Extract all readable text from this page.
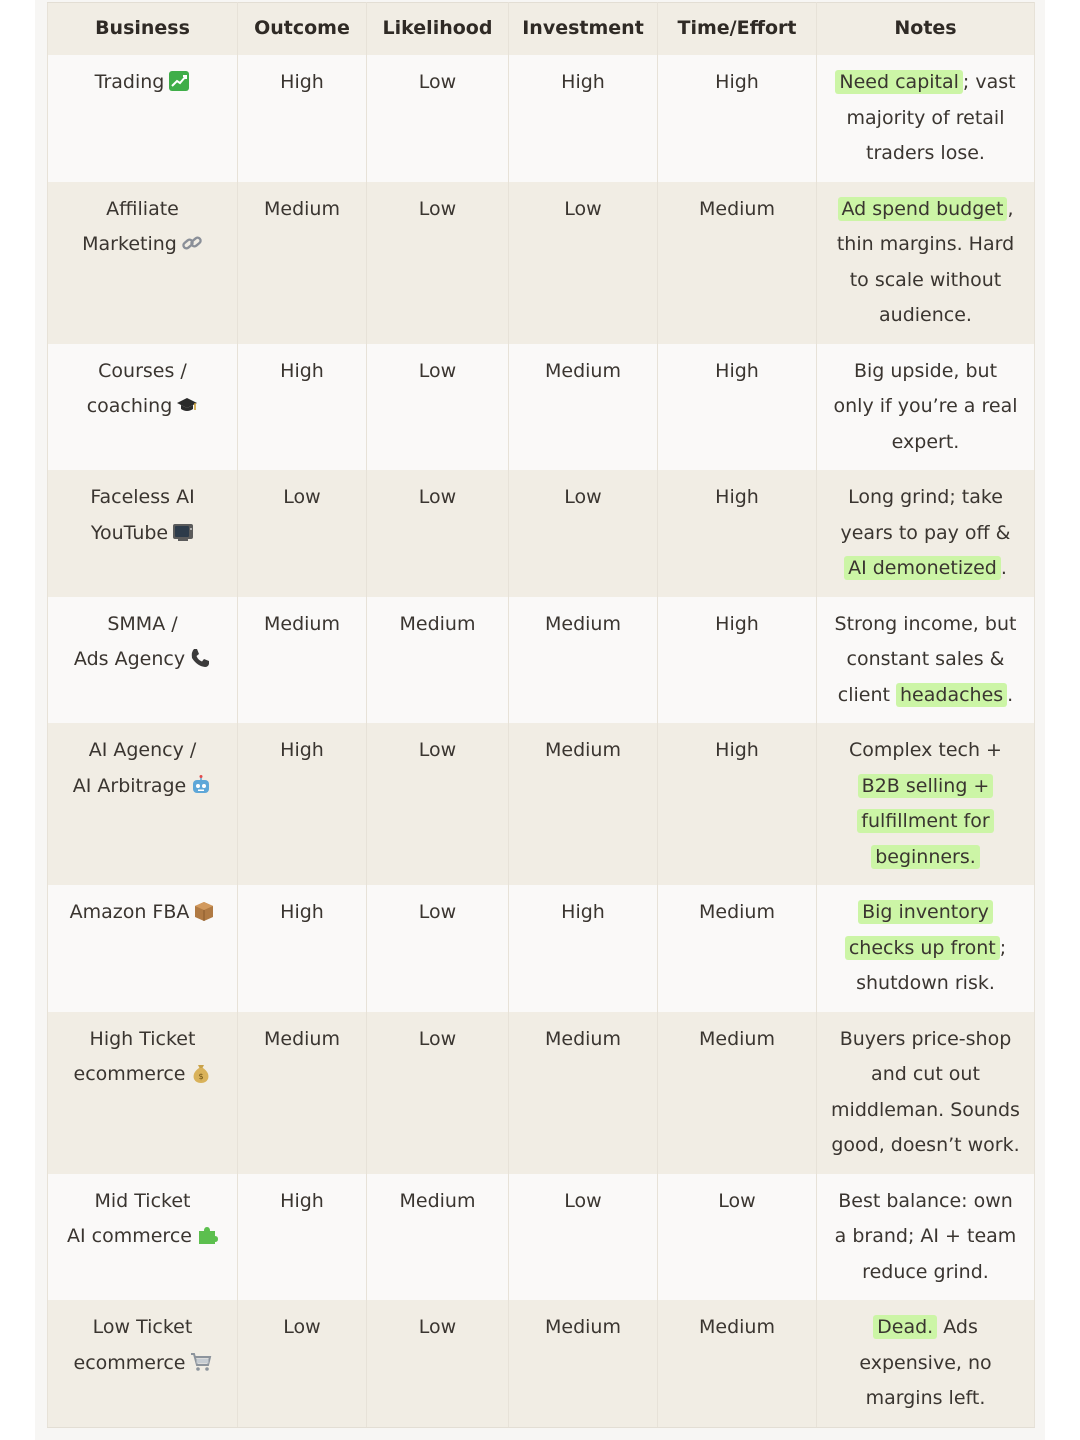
Business	Outcome	Likelihood	Investment	Time/Effort	Notes
Trading	High	Low	High	High	Need capital ; vast majority of retail traders lose.
Affiliate
Marketing	Medium	Low	Low	Medium	Ad spend budget , thin margins. Hard to scale without audience.
Courses /
coaching	High	Low	Medium	High	Big upside, but only if you’re a real expert.
Faceless AI
YouTube	Low	Low	Low	High	Long grind; take years to pay off & AI demonetized .
SMMA /
Ads Agency	Medium	Medium	Medium	High	Strong income, but constant sales & client headaches .
AI Agency /
AI Arbitrage	High	Low	Medium	High	Complex tech + B2B selling + fulfillment for beginners.
Amazon FBA	High	Low	High	Medium	Big inventory checks up front ; shutdown risk.
High Ticket
ecommerce $	Medium	Low	Medium	Medium	Buyers price-shop and cut out middleman. Sounds good, doesn’t work.
Mid Ticket
AI commerce	High	Medium	Low	Low	Best balance: own a brand; AI + team reduce grind.
Low Ticket
ecommerce	Low	Low	Medium	Medium	Dead. Ads expensive, no margins left.
